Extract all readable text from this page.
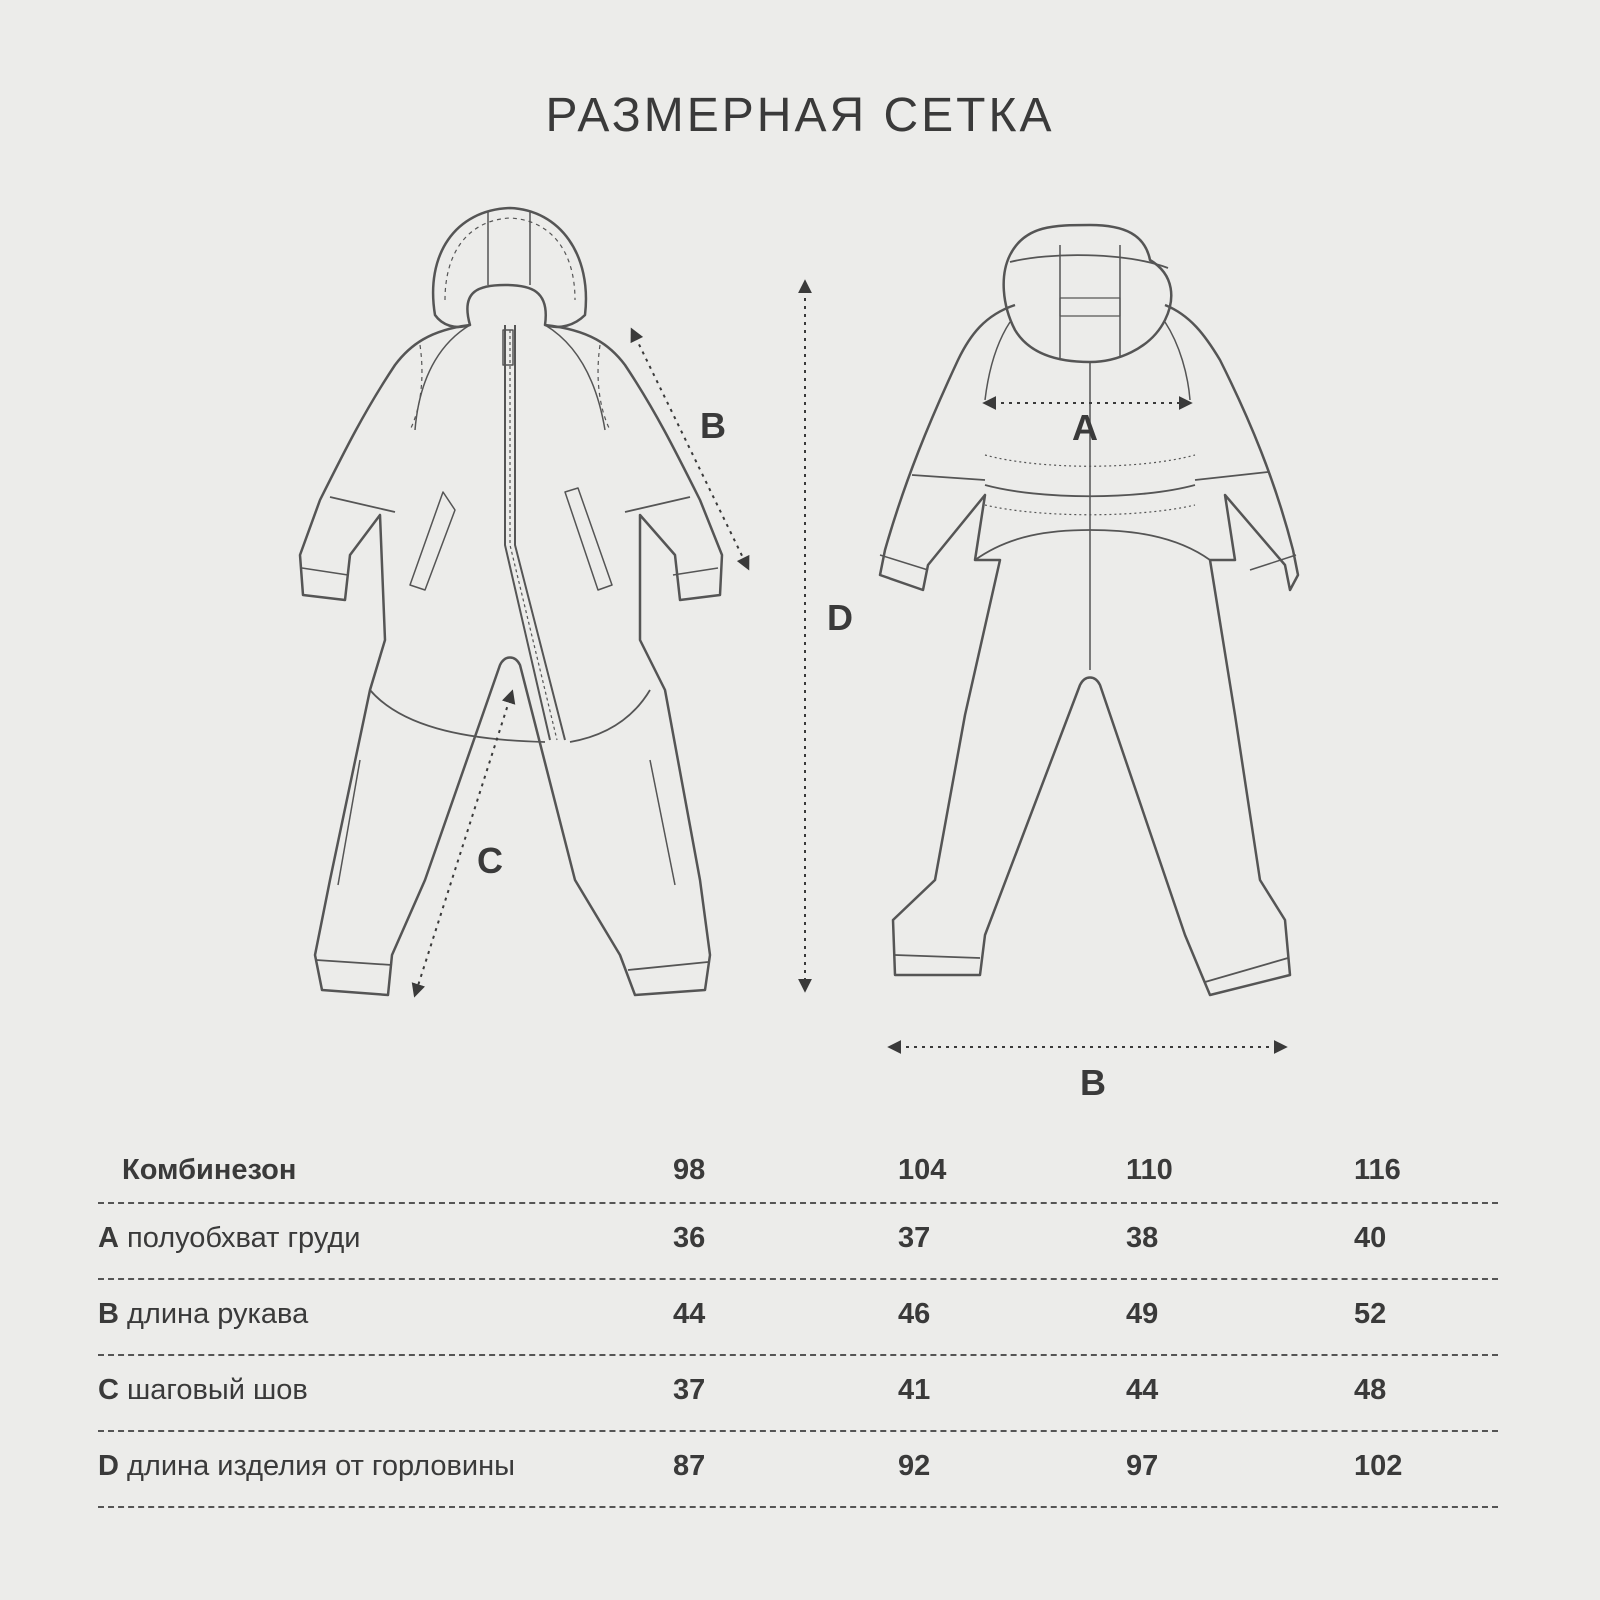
РАЗМЕРНАЯ СЕТКА
B
D
C
A
B
Комбинезон	98	104	110	116
A полуобхват груди	36	37	38	40
B длина рукава	44	46	49	52
C шаговый шов	37	41	44	48
D длина изделия от горловины	87	92	97	102
